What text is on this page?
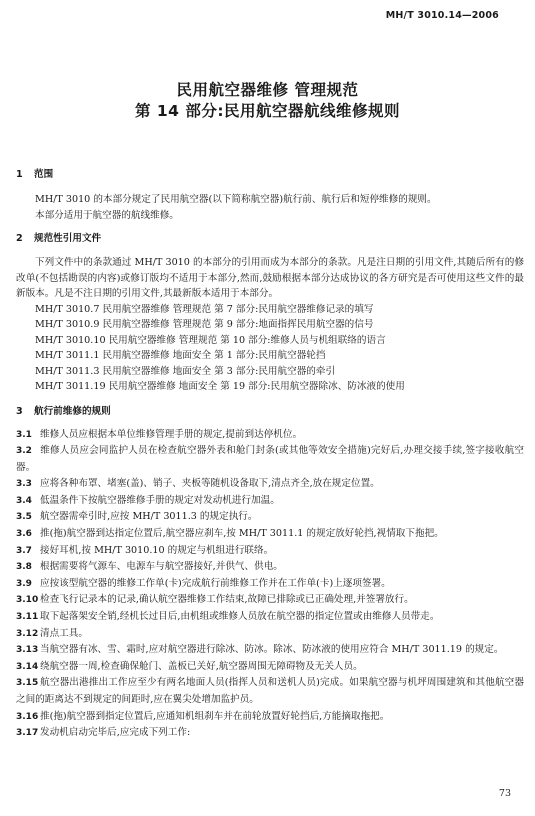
MH/T 3010.14—2006
民用航空器维修 管理规范
第 14 部分:民用航空器航线维修规则
1 范围
MH/T 3010 的本部分规定了民用航空器(以下简称航空器)航行前、航行后和短停维修的规则。
本部分适用于航空器的航线维修。
2 规范性引用文件
下列文件中的条款通过 MH/T 3010 的本部分的引用而成为本部分的条款。凡是注日期的引用文件,其随后所有的修改单(不包括勘误的内容)或修订版均不适用于本部分,然而,鼓励根据本部分达成协议的各方研究是否可使用这些文件的最新版本。凡是不注日期的引用文件,其最新版本适用于本部分。
MH/T 3010.7 民用航空器维修 管理规范 第 7 部分:民用航空器维修记录的填写
MH/T 3010.9 民用航空器维修 管理规范 第 9 部分:地面指挥民用航空器的信号
MH/T 3010.10 民用航空器维修 管理规范 第 10 部分:维修人员与机组联络的语言
MH/T 3011.1 民用航空器维修 地面安全 第 1 部分:民用航空器轮挡
MH/T 3011.3 民用航空器维修 地面安全 第 3 部分:民用航空器的牵引
MH/T 3011.19 民用航空器维修 地面安全 第 19 部分:民用航空器除冰、防冰液的使用
3 航行前维修的规则
3.1 维修人员应根据本单位维修管理手册的规定,提前到达停机位。
3.2 维修人员应会同监护人员在检查航空器外表和舱门封条(或其他等效安全措施)完好后,办理交接手续,签字接收航空器。
3.3 应将各种布罩、堵塞(盖)、销子、夹板等随机设备取下,清点齐全,放在规定位置。
3.4 低温条件下按航空器维修手册的规定对发动机进行加温。
3.5 航空器需牵引时,应按 MH/T 3011.3 的规定执行。
3.6 推(拖)航空器到达指定位置后,航空器应刹车,按 MH/T 3011.1 的规定放好轮挡,视情取下拖把。
3.7 接好耳机,按 MH/T 3010.10 的规定与机组进行联络。
3.8 根据需要将气源车、电源车与航空器接好,并供气、供电。
3.9 应按该型航空器的维修工作单(卡)完成航行前维修工作并在工作单(卡)上逐项签署。
3.10 检查飞行记录本的记录,确认航空器维修工作结束,故障已排除或已正确处理,并签署放行。
3.11 取下起落架安全销,经机长过目后,由机组或维修人员放在航空器的指定位置或由维修人员带走。
3.12 清点工具。
3.13 当航空器有冰、雪、霜时,应对航空器进行除冰、防冰。除冰、防冰液的使用应符合 MH/T 3011.19 的规定。
3.14 绕航空器一周,检查确保舱门、盖板已关好,航空器周围无障碍物及无关人员。
3.15 航空器出港推出工作应至少有两名地面人员(指挥人员和送机人员)完成。如果航空器与机坪周围建筑和其他航空器之间的距离达不到规定的间距时,应在翼尖处增加监护员。
3.16 推(拖)航空器到指定位置后,应通知机组刹车并在前轮放置好轮挡后,方能摘取拖把。
3.17 发动机启动完毕后,应完成下列工作:
73
